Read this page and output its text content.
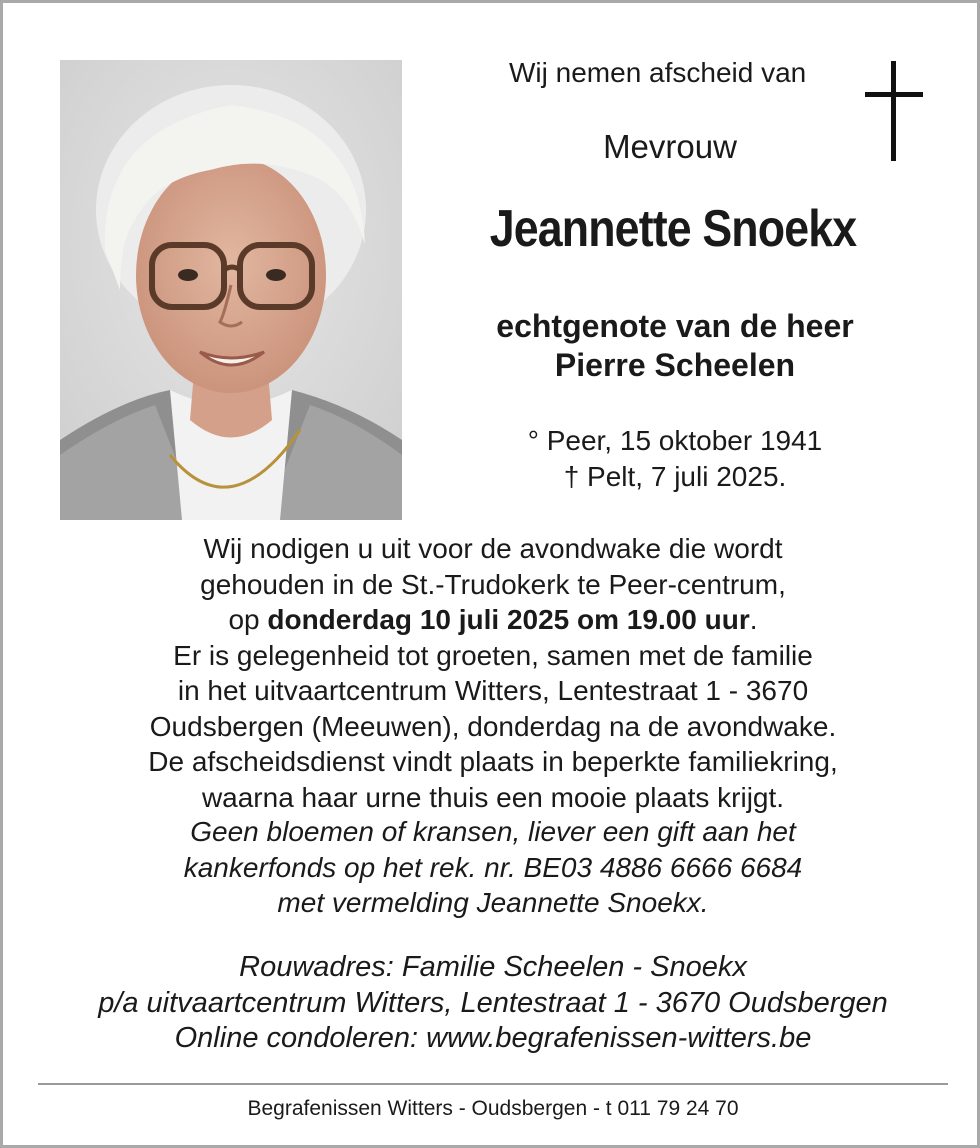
Wij nemen afscheid van
Mevrouw
Jeannette Snoekx
echtgenote van de heer
Pierre Scheelen
° Peer, 15 oktober 1941
† Pelt, 7 juli 2025.
Wij nodigen u uit voor de avondwake die wordt
gehouden in de St.-Trudokerk te Peer-centrum,
op donderdag 10 juli 2025 om 19.00 uur.
Er is gelegenheid tot groeten, samen met de familie
in het uitvaartcentrum Witters, Lentestraat 1 - 3670
Oudsbergen (Meeuwen), donderdag na de avondwake.
De afscheidsdienst vindt plaats in beperkte familiekring,
waarna haar urne thuis een mooie plaats krijgt.
Geen bloemen of kransen, liever een gift aan het
kankerfonds op het rek. nr. BE03 4886 6666 6684
met vermelding Jeannette Snoekx.
Rouwadres: Familie Scheelen - Snoekx
p/a uitvaartcentrum Witters, Lentestraat 1 - 3670 Oudsbergen
Online condoleren: www.begrafenissen-witters.be
Begrafenissen Witters - Oudsbergen - t 011 79 24 70
